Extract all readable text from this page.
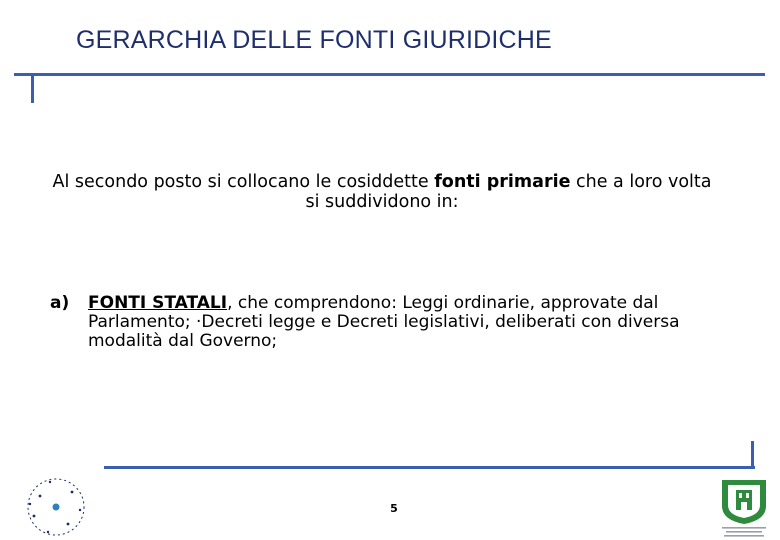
GERARCHIA DELLE FONTI GIURIDICHE
Al secondo posto si collocano le cosiddette fonti primarie che a loro volta si suddividono in:
a) FONTI STATALI, che comprendono: Leggi ordinarie, approvate dal Parlamento; ·Decreti legge e Decreti legislativi, deliberati con diversa modalità dal Governo;
5
